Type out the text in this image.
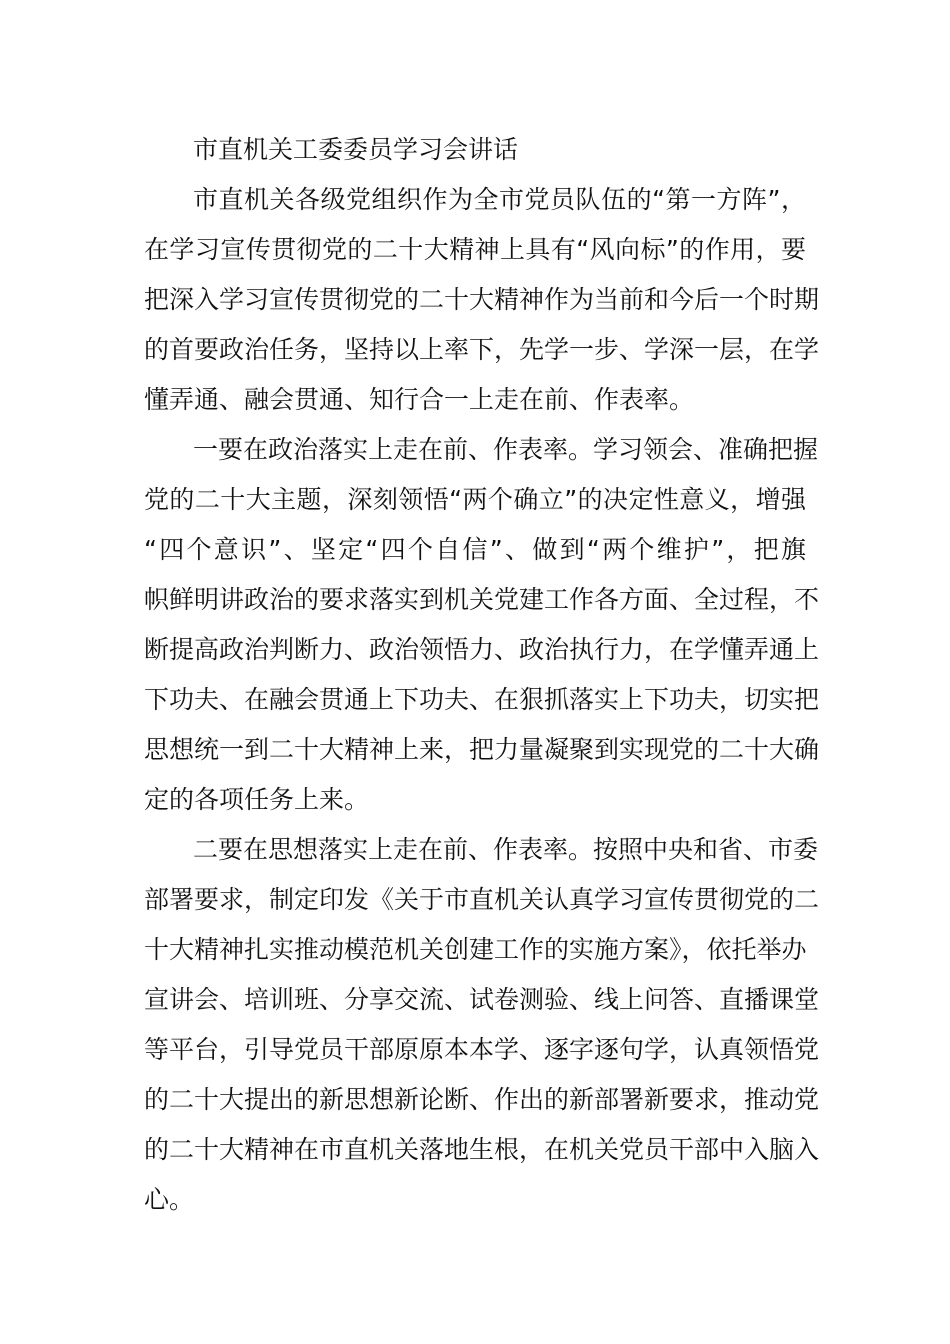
市直机关工委委员学习会讲话

市直机关各级党组织作为全市党员队伍的“第一方阵”，
在学习宣传贯彻党的二十大精神上具有“风向标”的作用，要
把深入学习宣传贯彻党的二十大精神作为当前和今后一个时期
的首要政治任务，坚持以上率下，先学一步、学深一层，在学
懂弄通、融会贯通、知行合一上走在前、作表率。

一要在政治落实上走在前、作表率。学习领会、准确把握
党的二十大主题，深刻领悟“两个确立”的决定性意义，增强
“四个意识”、坚定“四个自信”、做到“两个维护”，把旗
帜鲜明讲政治的要求落实到机关党建工作各方面、全过程，不
断提高政治判断力、政治领悟力、政治执行力，在学懂弄通上
下功夫、在融会贯通上下功夫、在狠抓落实上下功夫，切实把
思想统一到二十大精神上来，把力量凝聚到实现党的二十大确
定的各项任务上来。

二要在思想落实上走在前、作表率。按照中央和省、市委
部署要求，制定印发《关于市直机关认真学习宣传贯彻党的二
十大精神扎实推动模范机关创建工作的实施方案》，依托举办
宣讲会、培训班、分享交流、试卷测验、线上问答、直播课堂
等平台，引导党员干部原原本本学、逐字逐句学，认真领悟党
的二十大提出的新思想新论断、作出的新部署新要求，推动党
的二十大精神在市直机关落地生根，在机关党员干部中入脑入
心。
